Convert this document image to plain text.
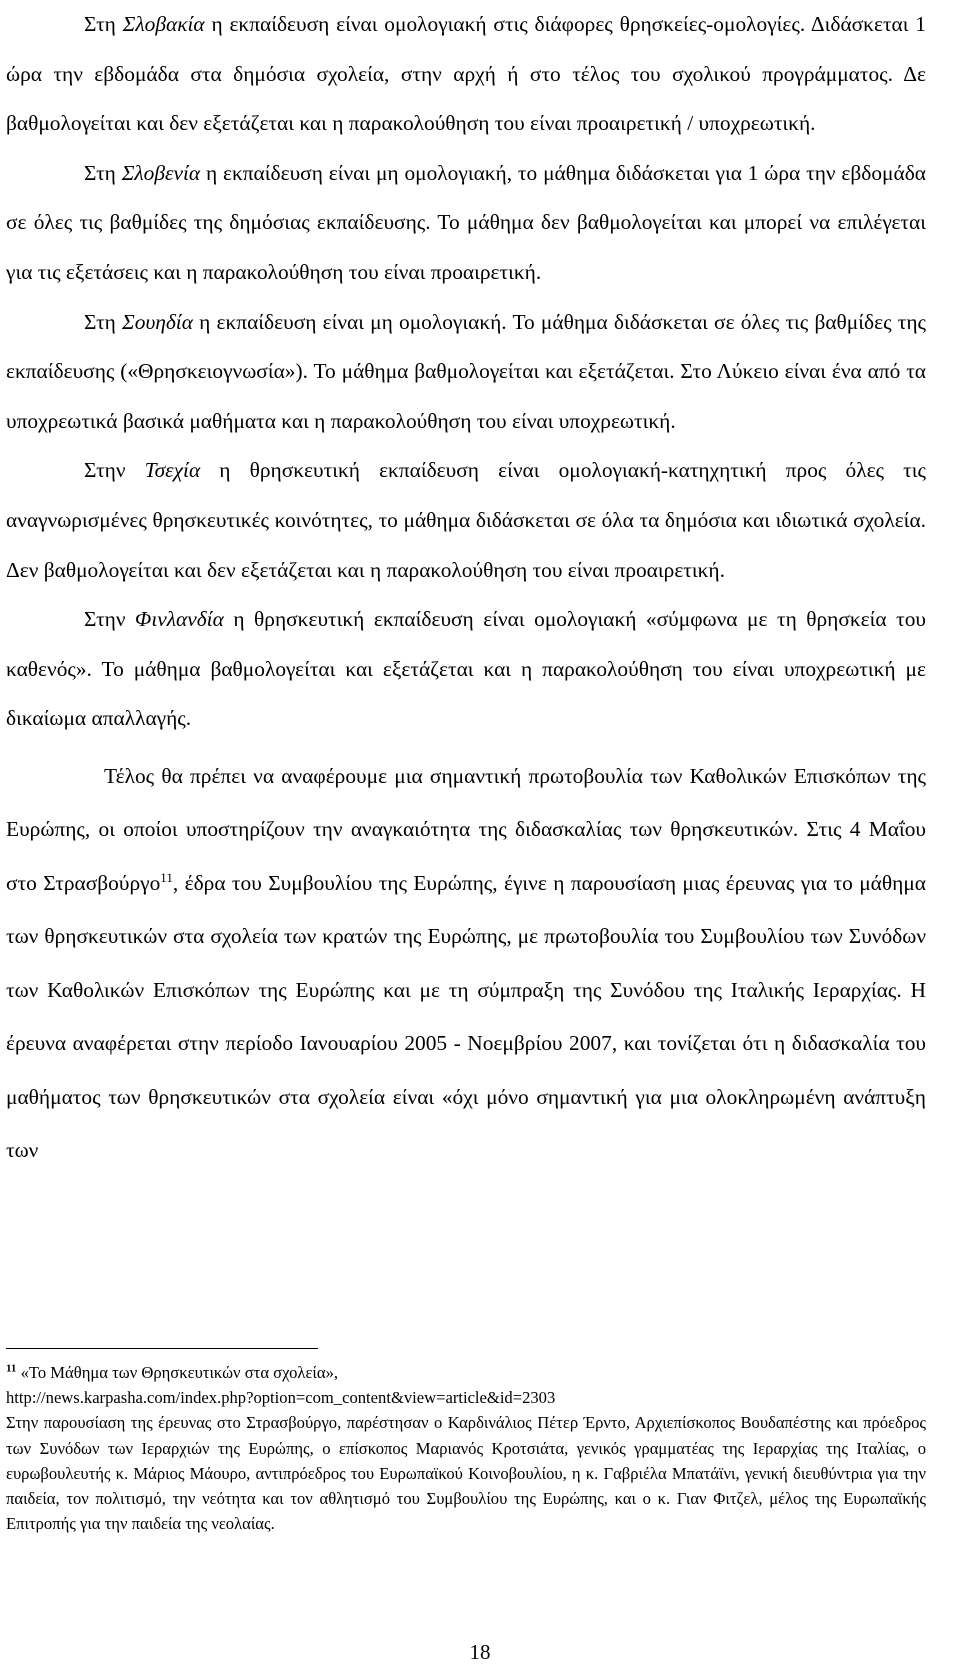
Στη Σλοβακία η εκπαίδευση είναι ομολογιακή στις διάφορες θρησκείες-ομολογίες. Διδάσκεται 1 ώρα την εβδομάδα στα δημόσια σχολεία, στην αρχή ή στο τέλος του σχολικού προγράμματος. Δε βαθμολογείται και δεν εξετάζεται και η παρακολούθηση του είναι προαιρετική / υποχρεωτική.

Στη Σλοβενία η εκπαίδευση είναι μη ομολογιακή, το μάθημα διδάσκεται για 1 ώρα την εβδομάδα σε όλες τις βαθμίδες της δημόσιας εκπαίδευσης. Το μάθημα δεν βαθμολογείται και μπορεί να επιλέγεται για τις εξετάσεις και η παρακολούθηση του είναι προαιρετική.

Στη Σουηδία η εκπαίδευση είναι μη ομολογιακή. Το μάθημα διδάσκεται σε όλες τις βαθμίδες της εκπαίδευσης («Θρησκειογνωσία»). Το μάθημα βαθμολογείται και εξετάζεται. Στο Λύκειο είναι ένα από τα υποχρεωτικά βασικά μαθήματα και η παρακολούθηση του είναι υποχρεωτική.

Στην Τσεχία η θρησκευτική εκπαίδευση είναι ομολογιακή-κατηχητική προς όλες τις αναγνωρισμένες θρησκευτικές κοινότητες, το μάθημα διδάσκεται σε όλα τα δημόσια και ιδιωτικά σχολεία. Δεν βαθμολογείται και δεν εξετάζεται και η παρακολούθηση του είναι προαιρετική.

Στην Φινλανδία η θρησκευτική εκπαίδευση είναι ομολογιακή «σύμφωνα με τη θρησκεία του καθενός». Το μάθημα βαθμολογείται και εξετάζεται και η παρακολούθηση του είναι υποχρεωτική με δικαίωμα απαλλαγής.

Τέλος θα πρέπει να αναφέρουμε μια σημαντική πρωτοβουλία των Καθολικών Επισκόπων της Ευρώπης, οι οποίοι υποστηρίζουν την αναγκαιότητα της διδασκαλίας των θρησκευτικών. Στις 4 Μαΐου στο Στρασβούργο$^{11}$, έδρα του Συμβουλίου της Ευρώπης, έγινε η παρουσίαση μιας έρευνας για το μάθημα των θρησκευτικών στα σχολεία των κρατών της Ευρώπης, με πρωτοβουλία του Συμβουλίου των Συνόδων των Καθολικών Επισκόπων της Ευρώπης και με τη σύμπραξη της Συνόδου της Ιταλικής Ιεραρχίας. Η έρευνα αναφέρεται στην περίοδο Ιανουαρίου 2005 - Νοεμβρίου 2007, και τονίζεται ότι η διδασκαλία του μαθήματος των θρησκευτικών στα σχολεία είναι «όχι μόνο σημαντική για μια ολοκληρωμένη ανάπτυξη των

$^{11}$ «Το Μάθημα των Θρησκευτικών στα σχολεία»,

http://news.karpasha.com/index.php?option=com_content&view=article&id=2303

Στην παρουσίαση της έρευνας στο Στρασβούργο, παρέστησαν ο Καρδινάλιος Πέτερ Έρντο, Αρχιεπίσκοπος Βουδαπέστης και πρόεδρος των Συνόδων των Ιεραρχιών της Ευρώπης, ο επίσκοπος Μαριανός Κροτσιάτα, γενικός γραμματέας της Ιεραρχίας της Ιταλίας, ο ευρωβουλευτής κ. Μάριος Μάουρο, αντιπρόεδρος του Ευρωπαϊκού Κοινοβουλίου, η κ. Γαβριέλα Μπατάϊνι, γενική διευθύντρια για την παιδεία, τον πολιτισμό, την νεότητα και τον αθλητισμό του Συμβουλίου της Ευρώπης, και ο κ. Γιαν Φιτζελ, μέλος της Ευρωπαϊκής Επιτροπής για την παιδεία της νεολαίας.

18
